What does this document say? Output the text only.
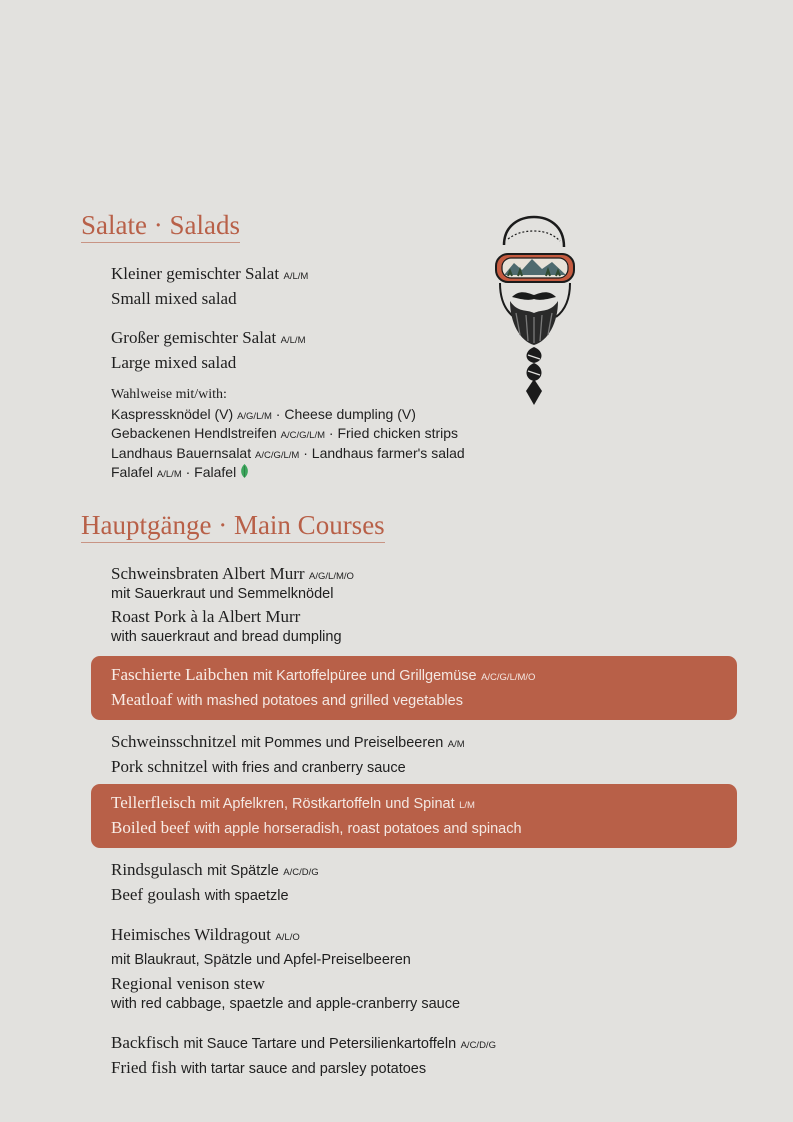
Salate · Salads
Kleiner gemischter Salat A/L/M
Small mixed salad
Großer gemischter Salat A/L/M
Large mixed salad
Wahlweise mit/with:
Kaspressknödel (V) A/G/L/M · Cheese dumpling (V)
Gebackenen Hendlstreifen A/C/G/L/M · Fried chicken strips
Landhaus Bauernsalat A/C/G/L/M · Landhaus farmer's salad
Falafel A/L/M · Falafel
Hauptgänge · Main Courses
Schweinsbraten Albert Murr A/G/L/M/O
mit Sauerkraut und Semmelknödel
Roast Pork à la Albert Murr
with sauerkraut and bread dumpling
Faschierte Laibchen mit Kartoffelpüree und Grillgemüse A/C/G/L/M/O
Meatloaf with mashed potatoes and grilled vegetables
Schweinsschnitzel mit Pommes und Preiselbeeren A/M
Pork schnitzel with fries and cranberry sauce
Tellerfleisch mit Apfelkren, Röstkartoffeln und Spinat L/M
Boiled beef with apple horseradish, roast potatoes and spinach
Rindsgulasch mit Spätzle A/C/D/G
Beef goulash with spaetzle
Heimisches Wildragout A/L/O
mit Blaukraut, Spätzle und Apfel-Preiselbeeren
Regional venison stew
with red cabbage, spaetzle and apple-cranberry sauce
Backfisch mit Sauce Tartare und Petersilienkartoffeln A/C/D/G
Fried fish with tartar sauce and parsley potatoes
